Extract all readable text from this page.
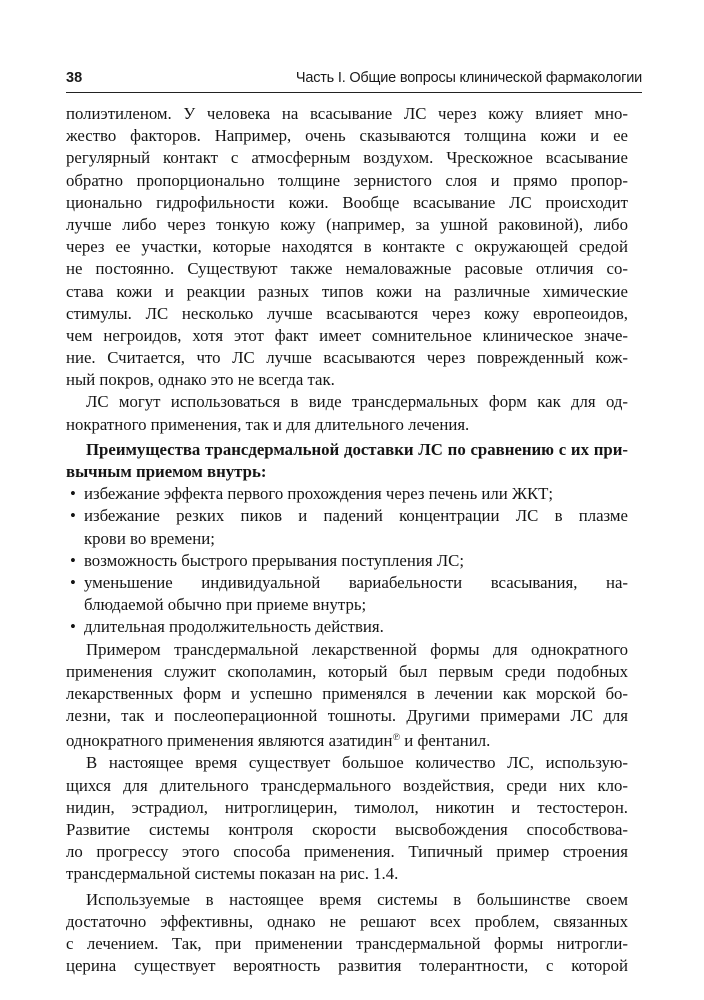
38	Часть I. Общие вопросы клинической фармакологии
полиэтиленом. У человека на всасывание ЛС через кожу влияет мно-
жество факторов. Например, очень сказываются толщина кожи и ее
регулярный контакт с атмосферным воздухом. Чрескожное всасывание
обратно пропорционально толщине зернистого слоя и прямо пропор-
ционально гидрофильности кожи. Вообще всасывание ЛС происходит
лучше либо через тонкую кожу (например, за ушной раковиной), либо
через ее участки, которые находятся в контакте с окружающей средой
не постоянно. Существуют также немаловажные расовые отличия со-
става кожи и реакции разных типов кожи на различные химические
стимулы. ЛС несколько лучше всасываются через кожу европеоидов,
чем негроидов, хотя этот факт имеет сомнительное клиническое значе-
ние. Считается, что ЛС лучше всасываются через поврежденный кож-
ный покров, однако это не всегда так.
ЛС могут использоваться в виде трансдермальных форм как для од-
нократного применения, так и для длительного лечения.
Преимущества трансдермальной доставки ЛС по сравнению с их при-
вычным приемом внутрь:
• избежание эффекта первого прохождения через печень или ЖКТ;
• избежание резких пиков и падений концентрации ЛС в плазме
крови во времени;
• возможность быстрого прерывания поступления ЛС;
• уменьшение индивидуальной вариабельности всасывания, на-
блюдаемой обычно при приеме внутрь;
• длительная продолжительность действия.
Примером трансдермальной лекарственной формы для однократного
применения служит скополамин, который был первым среди подобных
лекарственных форм и успешно применялся в лечении как морской бо-
лезни, так и послеоперационной тошноты. Другими примерами ЛС для
однократного применения являются азатидин℗ и фентанил.
В настоящее время существует большое количество ЛС, использую-
щихся для длительного трансдермального воздействия, среди них кло-
нидин, эстрадиол, нитроглицерин, тимолол, никотин и тестостерон.
Развитие системы контроля скорости высвобождения способствова-
ло прогрессу этого способа применения. Типичный пример строения
трансдермальной системы показан на рис. 1.4.
Используемые в настоящее время системы в большинстве своем
достаточно эффективны, однако не решают всех проблем, связанных
с лечением. Так, при применении трансдермальной формы нитрогли-
церина существует вероятность развития толерантности, с которой
